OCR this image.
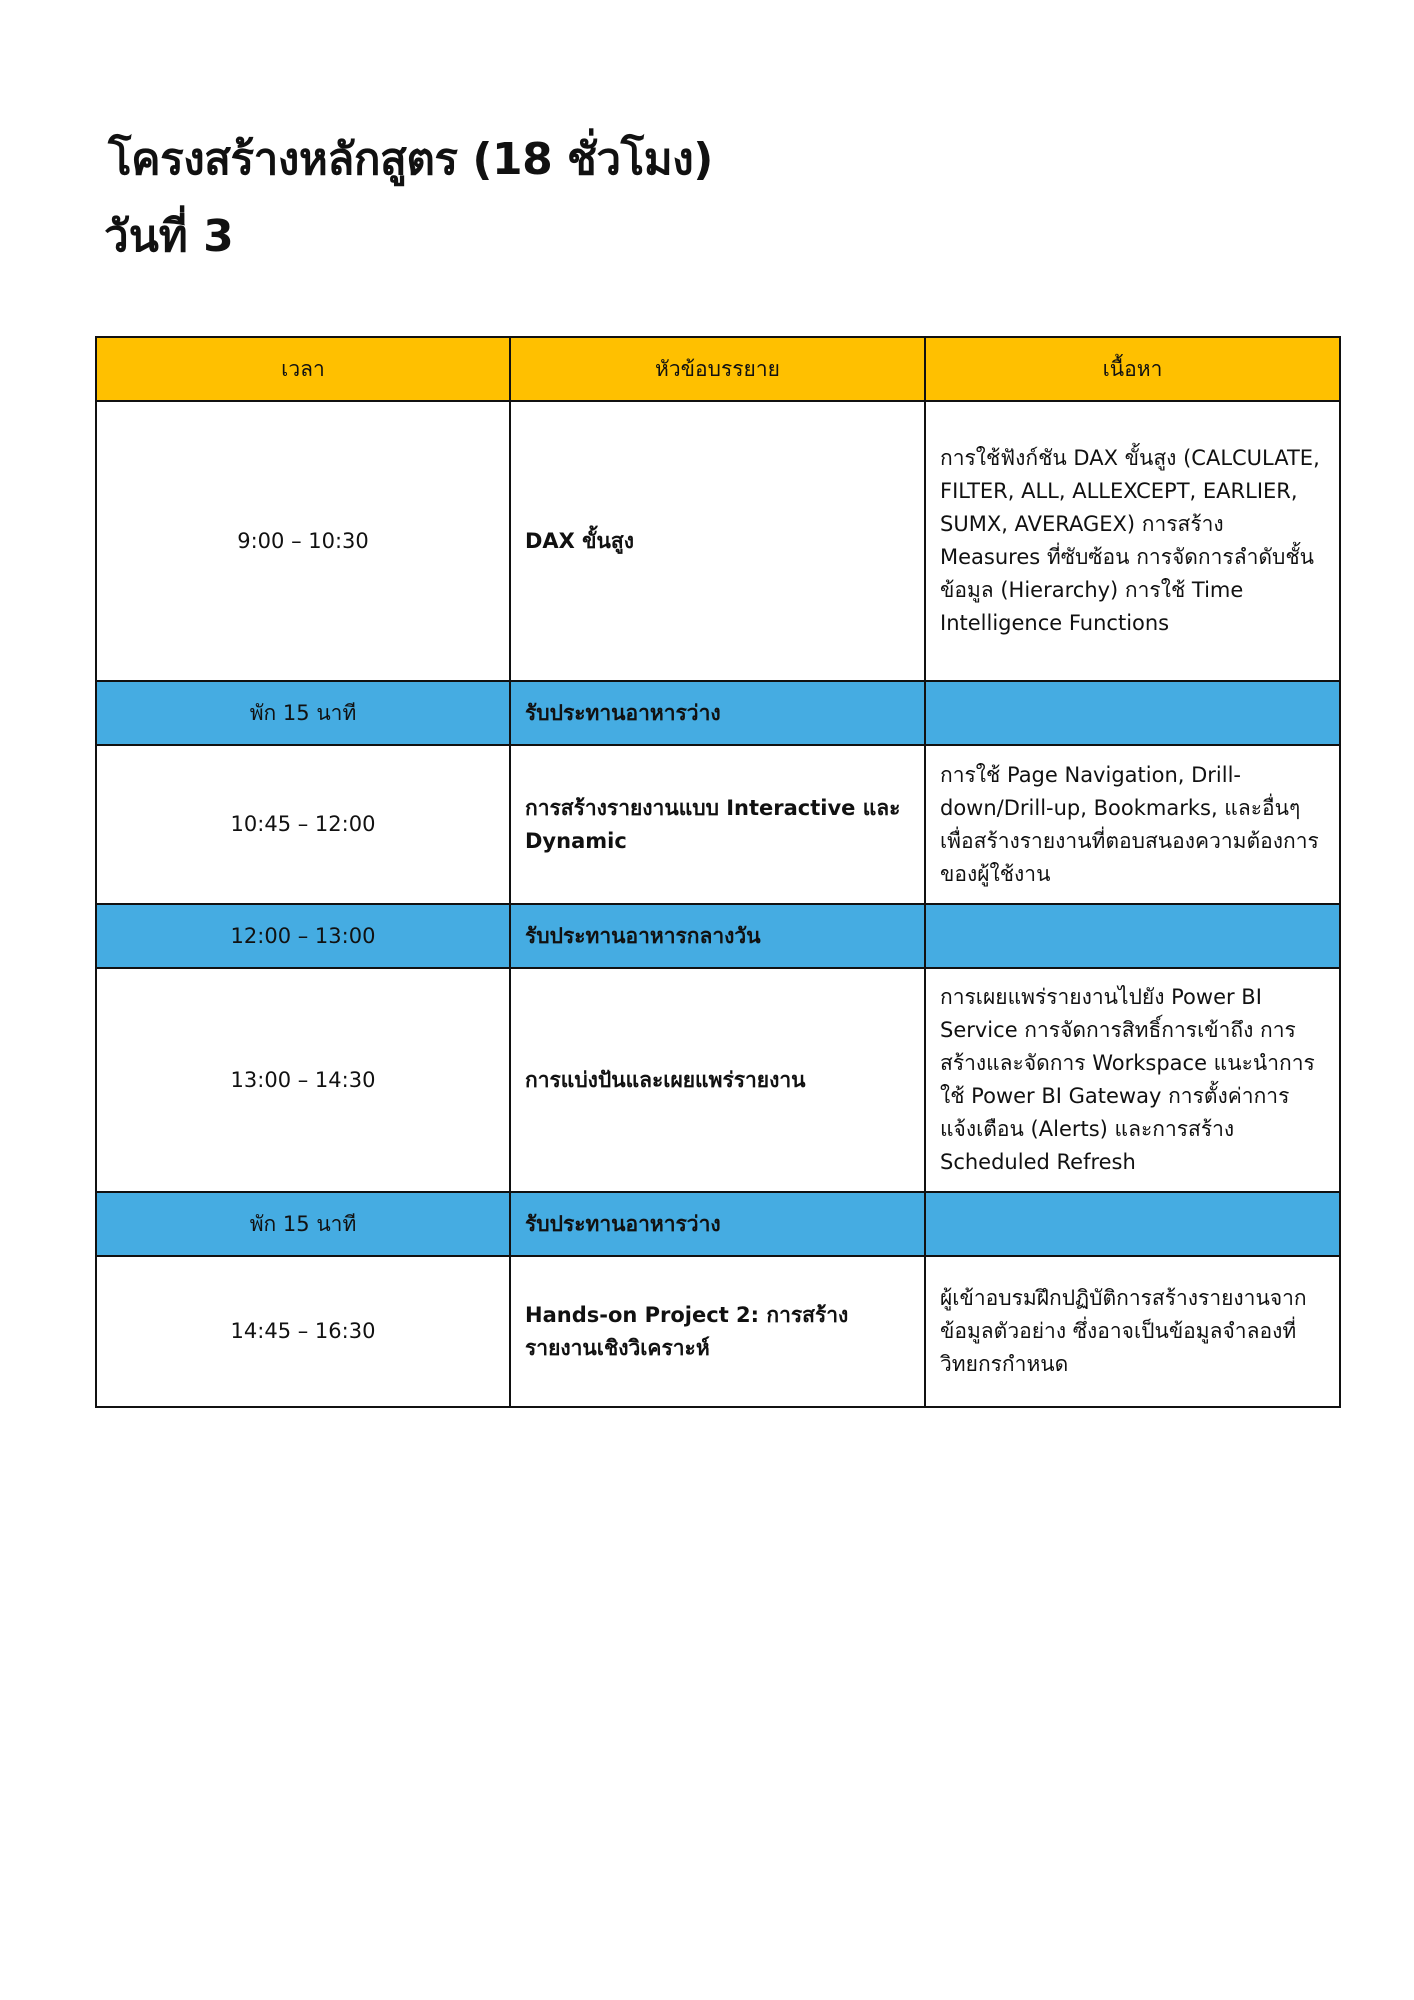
โครงสร้างหลักสูตร (18 ชั่วโมง)
วันที่ 3
เวลา	หัวข้อบรรยาย	เนื้อหา
9:00 – 10:30	DAX ขั้นสูง	การใช้ฟังก์ชัน DAX ขั้นสูง (CALCULATE, FILTER, ALL, ALLEXCEPT, EARLIER, SUMX, AVERAGEX) การสร้าง Measures ที่ซับซ้อน การจัดการลำดับชั้นข้อมูล (Hierarchy) การใช้ Time Intelligence Functions
พัก 15 นาที	รับประทานอาหารว่าง	
10:45 – 12:00	การสร้างรายงานแบบ Interactive และ Dynamic	การใช้ Page Navigation, Drill-down/Drill-up, Bookmarks, และอื่นๆ เพื่อสร้างรายงานที่ตอบสนองความต้องการของผู้ใช้งาน
12:00 – 13:00	รับประทานอาหารกลางวัน	
13:00 – 14:30	การแบ่งปันและเผยแพร่รายงาน	การเผยแพร่รายงานไปยัง Power BI Service การจัดการสิทธิ์การเข้าถึง การสร้างและจัดการ Workspace แนะนำการใช้ Power BI Gateway การตั้งค่าการแจ้งเตือน (Alerts) และการสร้าง Scheduled Refresh
พัก 15 นาที	รับประทานอาหารว่าง	
14:45 – 16:30	Hands-on Project 2: การสร้างรายงานเชิงวิเคราะห์	ผู้เข้าอบรมฝึกปฏิบัติการสร้างรายงานจากข้อมูลตัวอย่าง ซึ่งอาจเป็นข้อมูลจำลองที่วิทยกรกำหนด
